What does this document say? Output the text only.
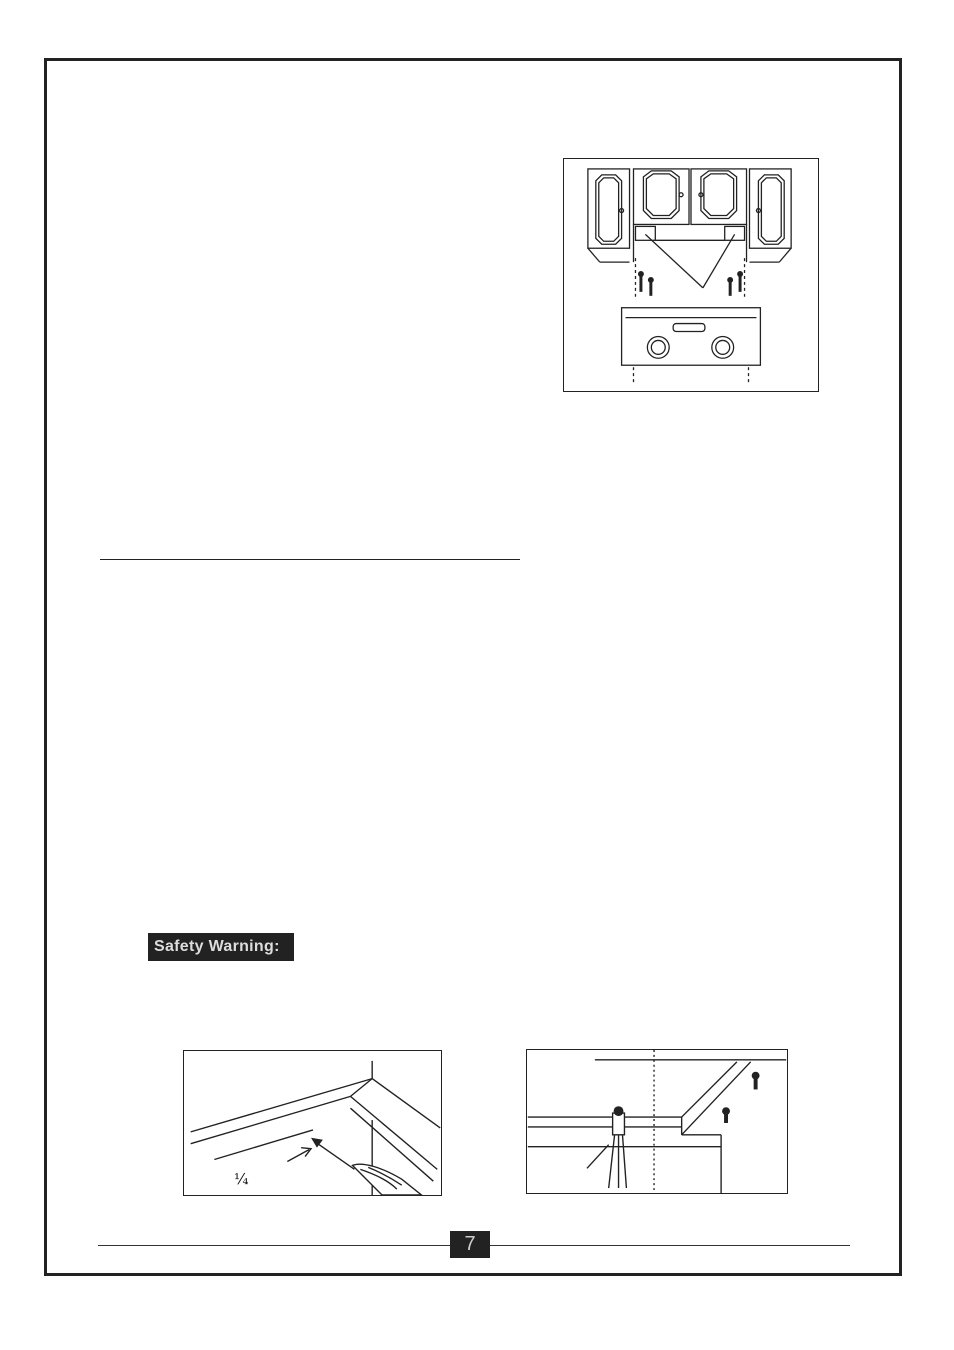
Safety Warning:
¼
7
